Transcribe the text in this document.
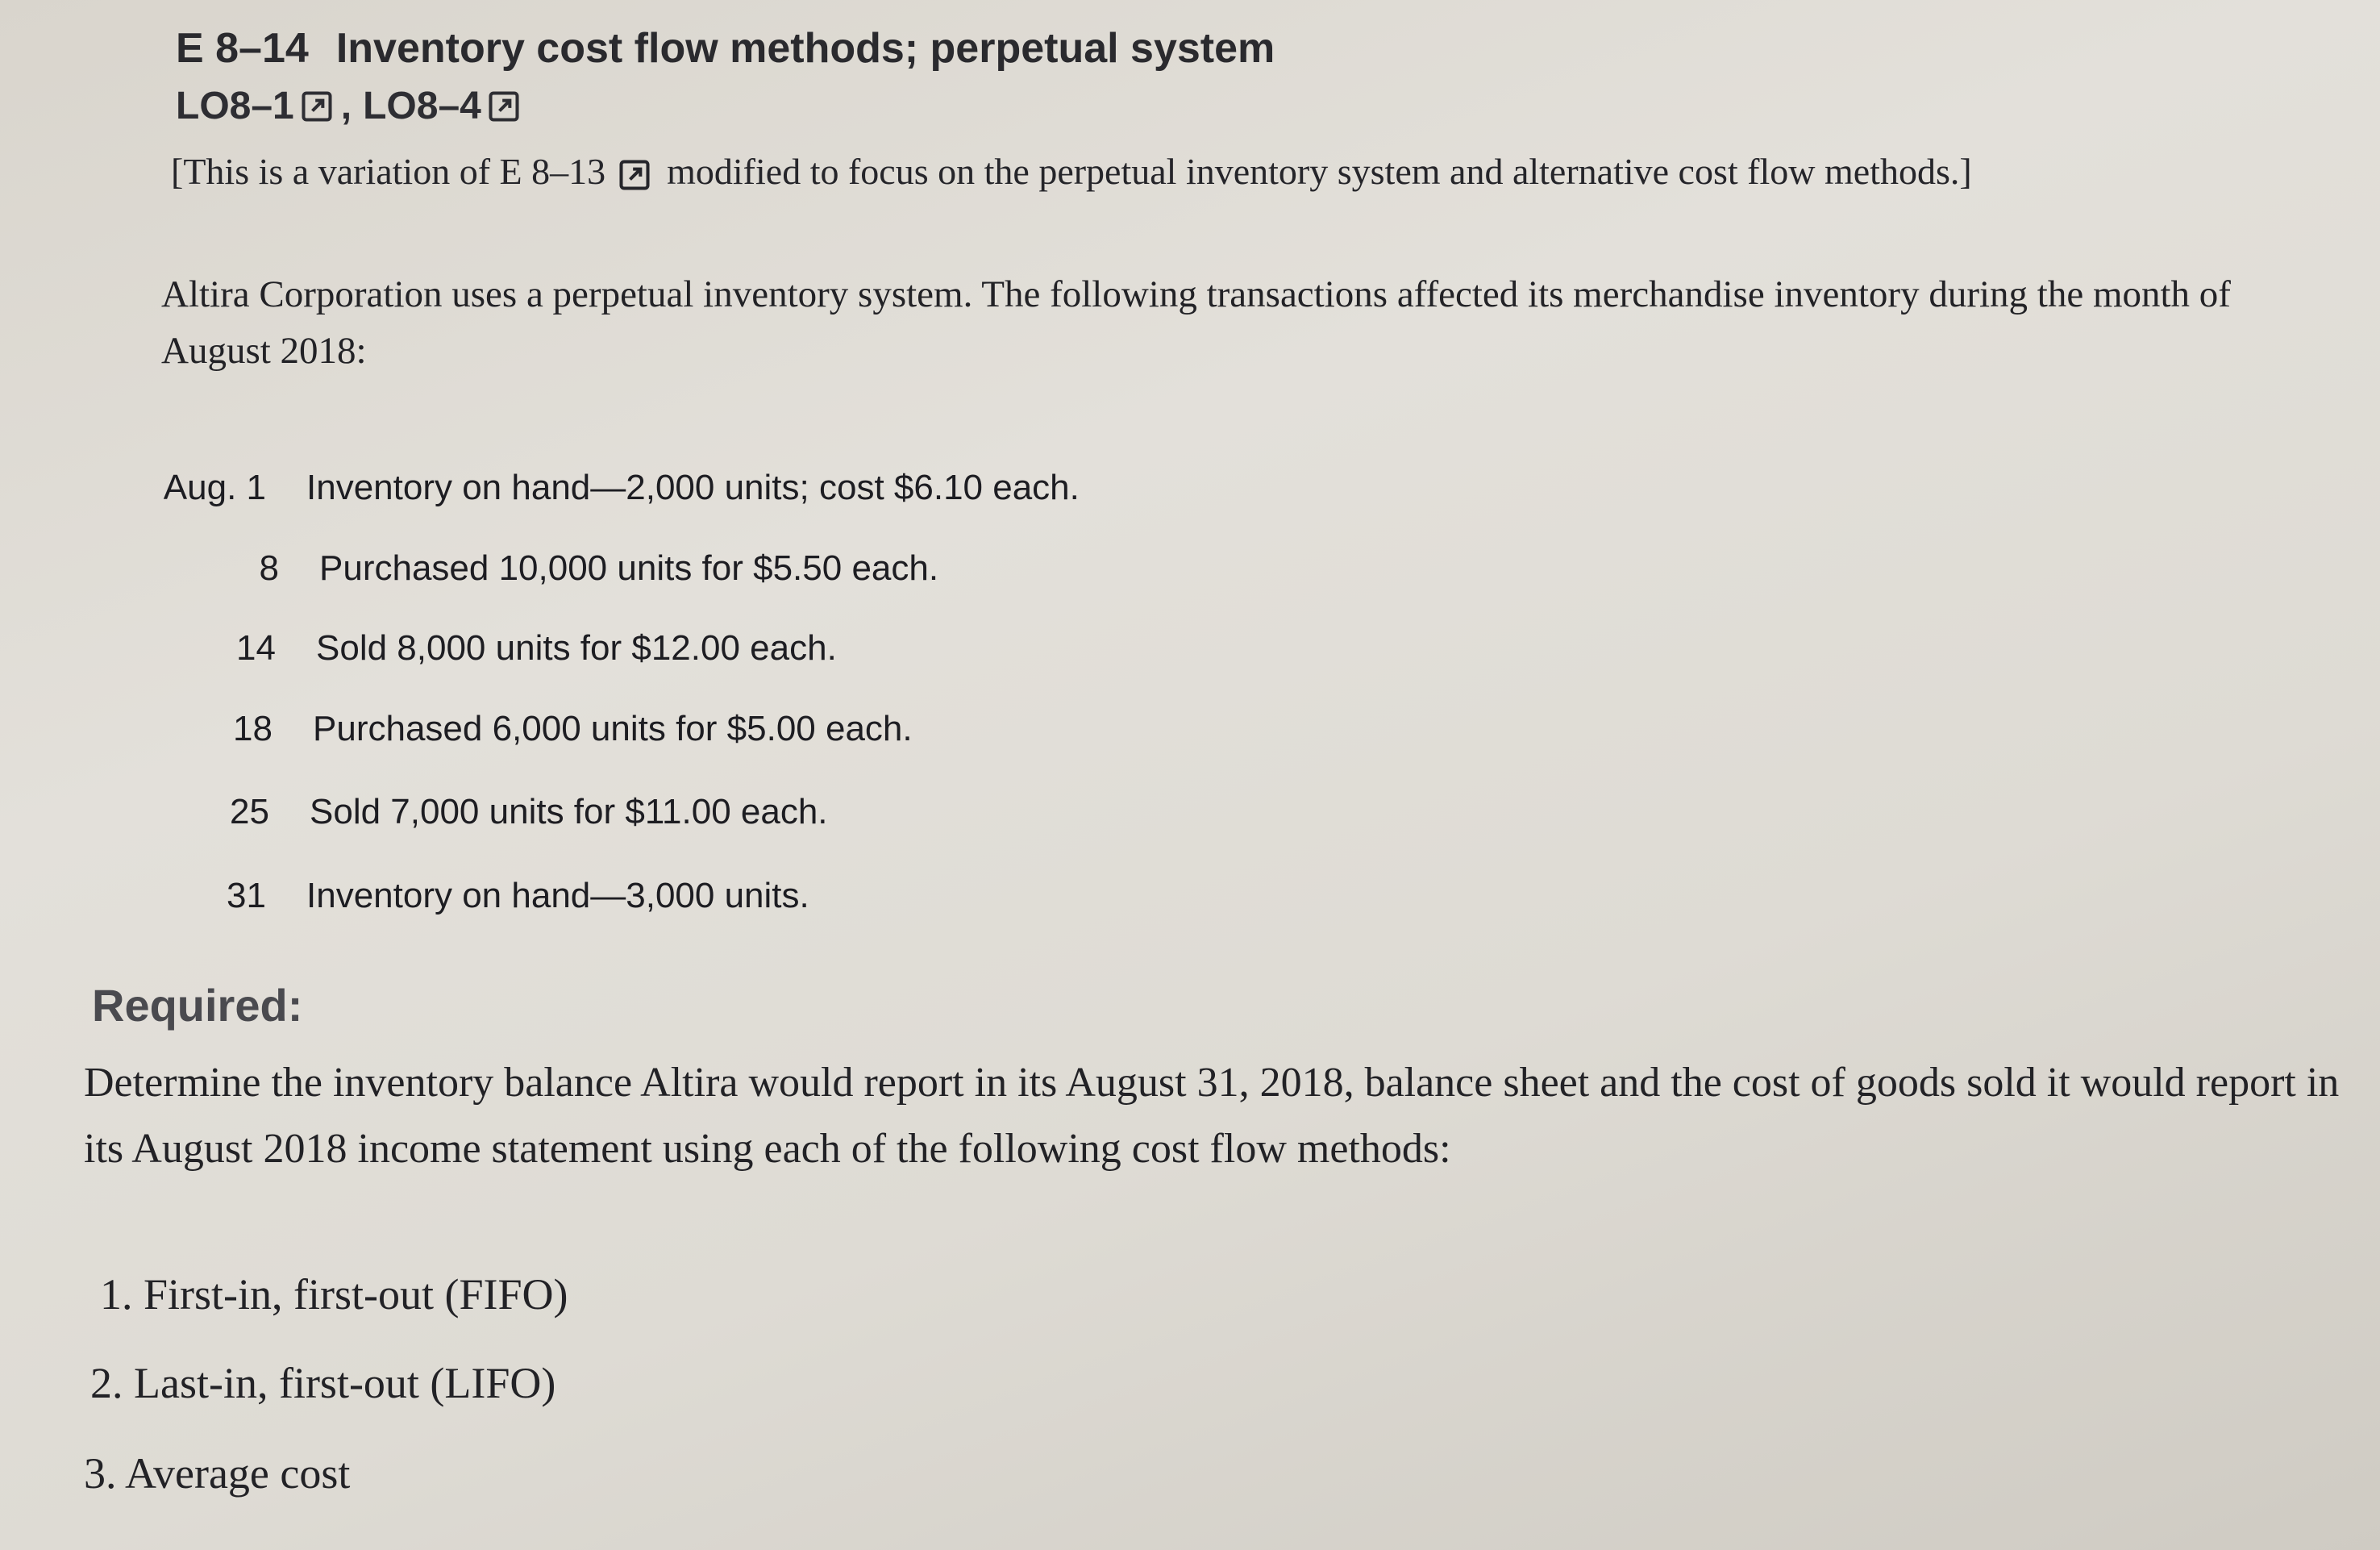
E 8–14 Inventory cost flow methods; perpetual system
LO8–1 , LO8–4
[This is a variation of E 8–13 modified to focus on the perpetual inventory system and alternative cost flow methods.]
Altira Corporation uses a perpetual inventory system. The following transactions affected its merchandise inventory during the month of August 2018:
Aug. 1 Inventory on hand—2,000 units; cost $6.10 each.
8 Purchased 10,000 units for $5.50 each.
14 Sold 8,000 units for $12.00 each.
18 Purchased 6,000 units for $5.00 each.
25 Sold 7,000 units for $11.00 each.
31 Inventory on hand—3,000 units.
Required:
Determine the inventory balance Altira would report in its August 31, 2018, balance sheet and the cost of goods sold it would report in its August 2018 income statement using each of the following cost flow methods:
1. First-in, first-out (FIFO)
2. Last-in, first-out (LIFO)
3. Average cost
